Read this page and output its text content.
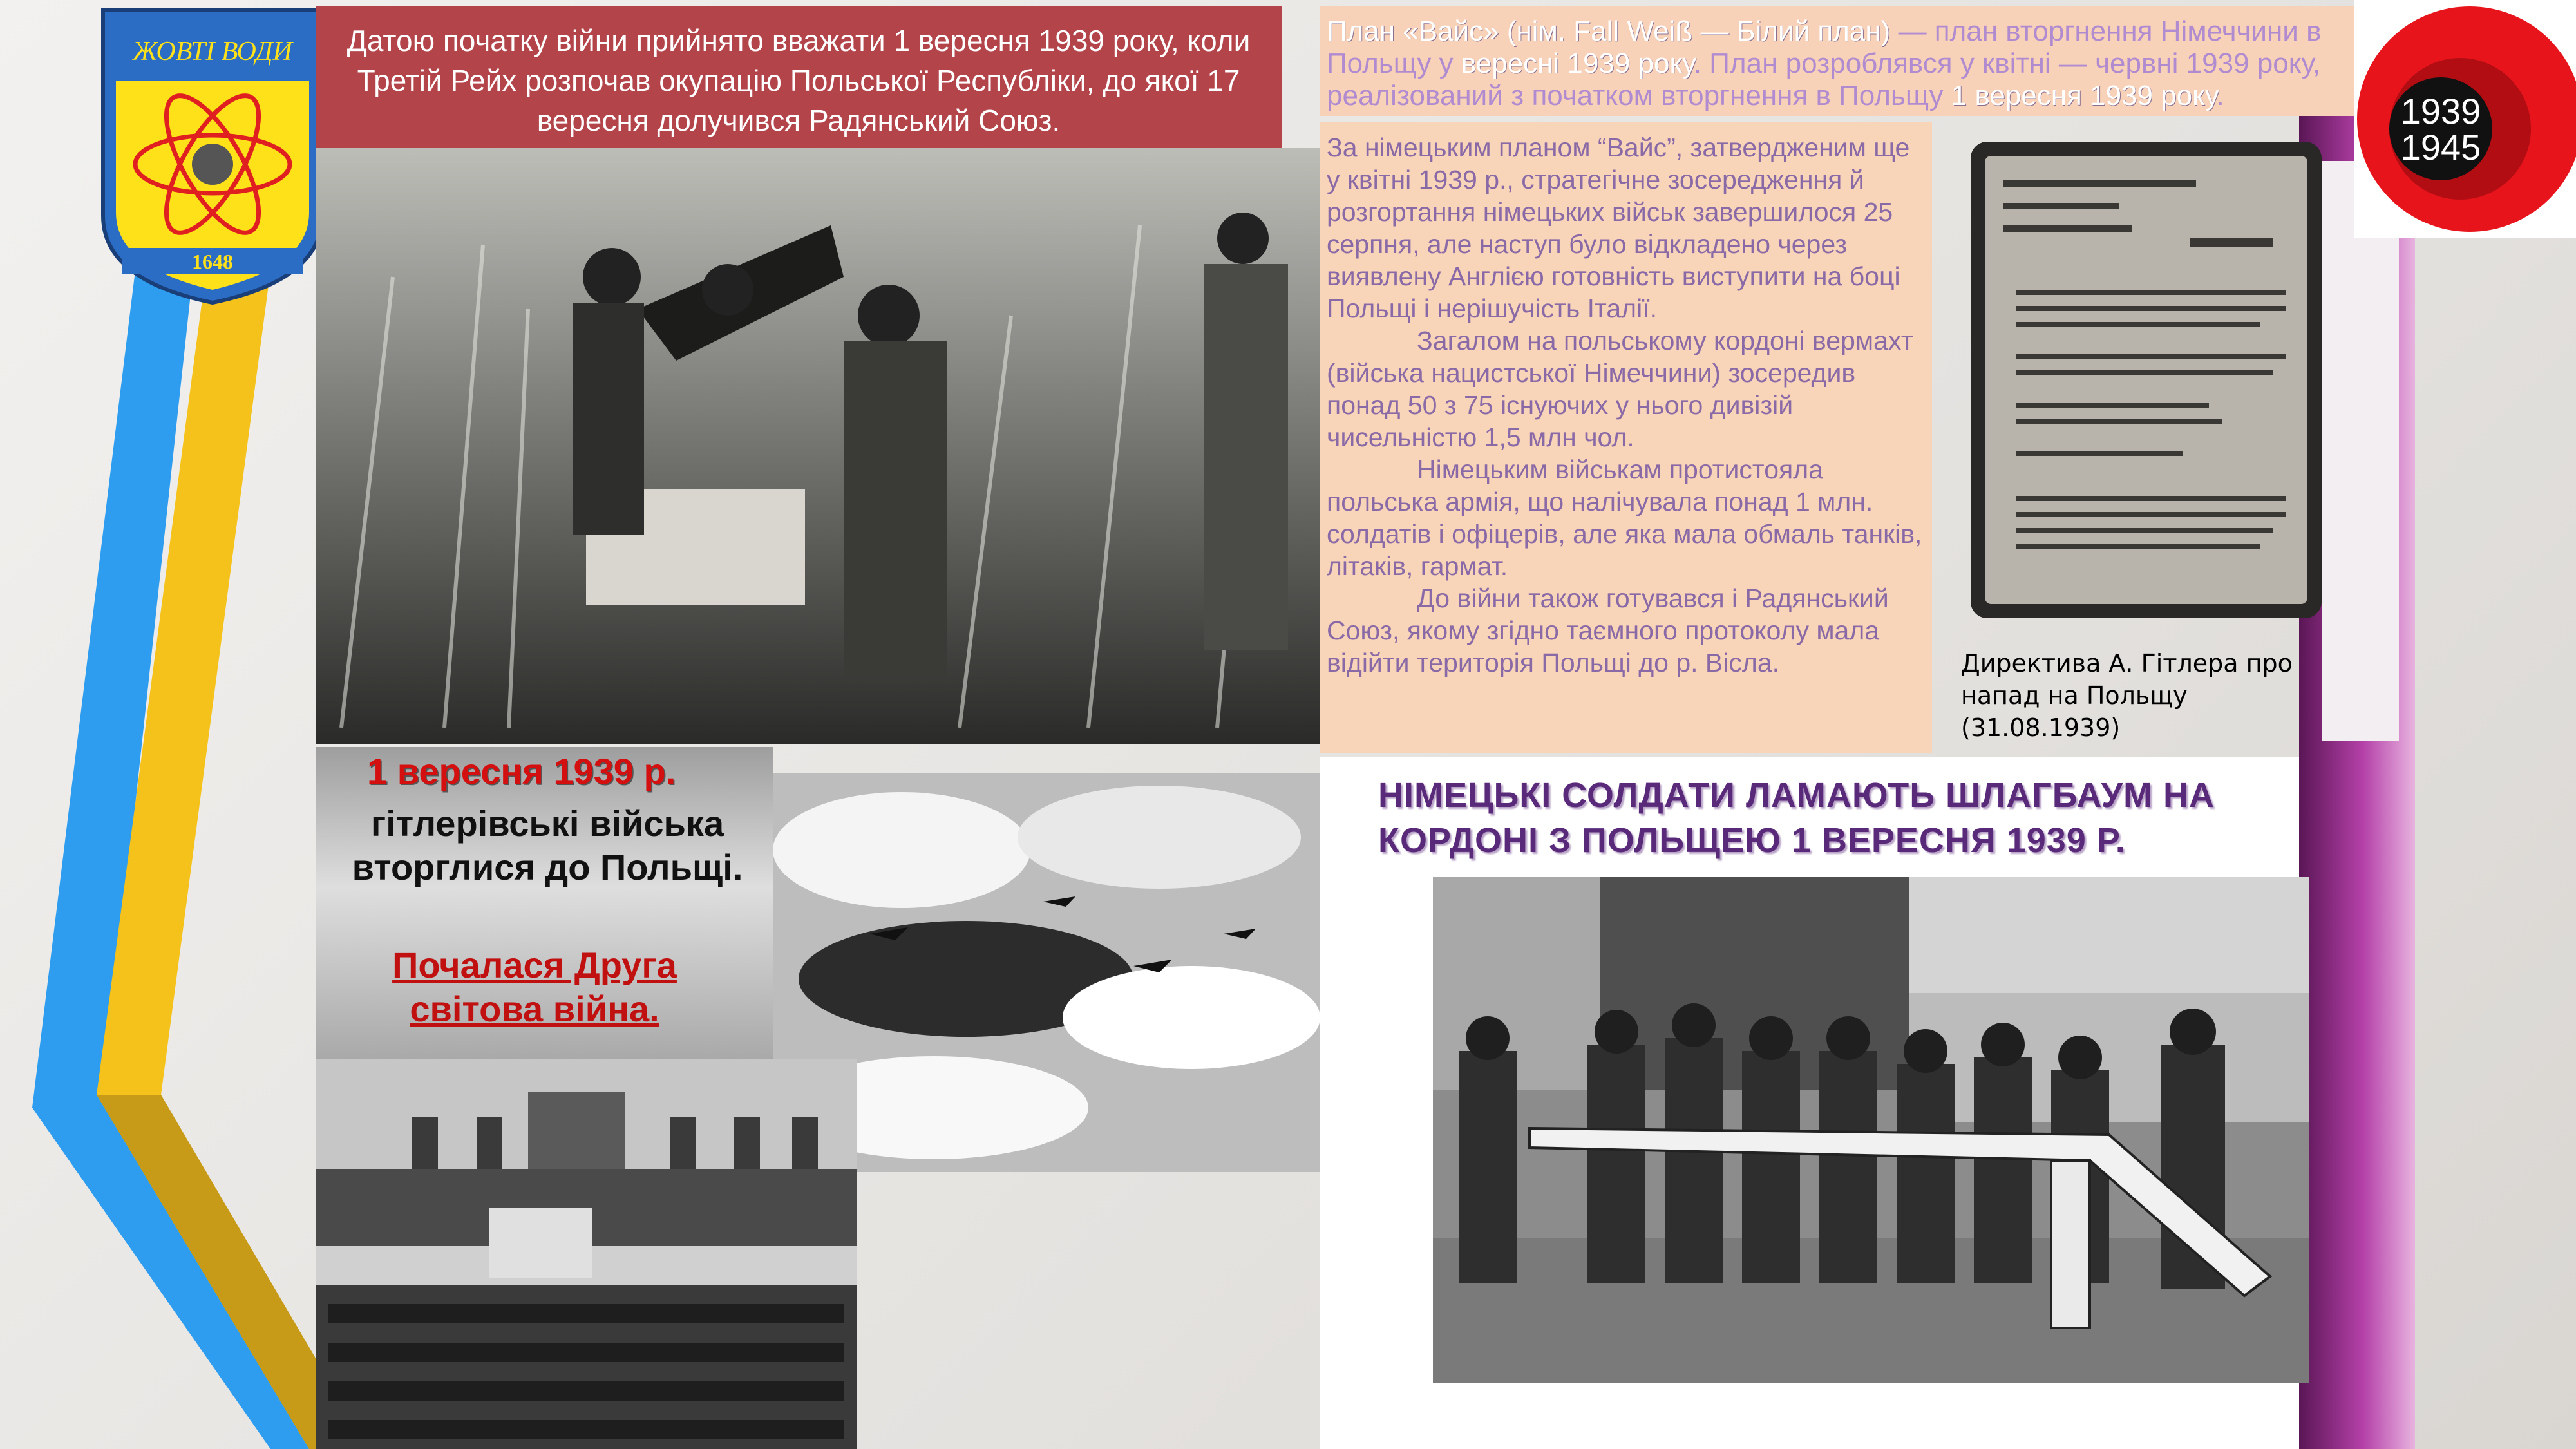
ЖОВТІ ВОДИ
1648
Датою початку війни прийнято вважати 1 вересня 1939 року, коли Третій Рейх розпочав окупацію Польської Республіки, до якої 17 вересня долучився Радянський Союз.
1 вересня 1939 р.
гітлерівські війська вторглися до Польщі.
Почалася Друга світова війна.
План «Вайс» (нім. Fall Weiß — Білий план) — план вторгнення Німеччини в Польщу у вересні 1939 року. План розроблявся у квітні — червні 1939 року, реалізований з початком вторгнення в Польщу 1 вересня 1939 року.

За німецьким планом “Вайс”, затвердженим ще у квітні 1939 р., стратегічне зосередження й розгортання німецьких військ завершилося 25 серпня, але наступ було відкладено через виявлену Англією готовність виступити на боці Польщі і нерішучість Італії.

Загалом на польському кордоні вермахт (війська нацистської Німеччини) зосередив понад 50 з 75 існуючих у нього дивізій чисельністю 1,5 млн чол.

Німецьким військам протистояла польська армія, що налічувала понад 1 млн. солдатів і офіцерів, але яка мала обмаль танків, літаків, гармат.

До війни також готувався і Радянський Союз, якому згідно таємного протоколу мала відійти територія Польщі до р. Вісла.	Директива А. Гітлера про напад на Польщу (31.08.1939)
1939
1945
НІМЕЦЬКІ СОЛДАТИ ЛАМАЮТЬ ШЛАГБАУМ НА КОРДОНІ З ПОЛЬЩЕЮ 1 ВЕРЕСНЯ 1939 Р.
